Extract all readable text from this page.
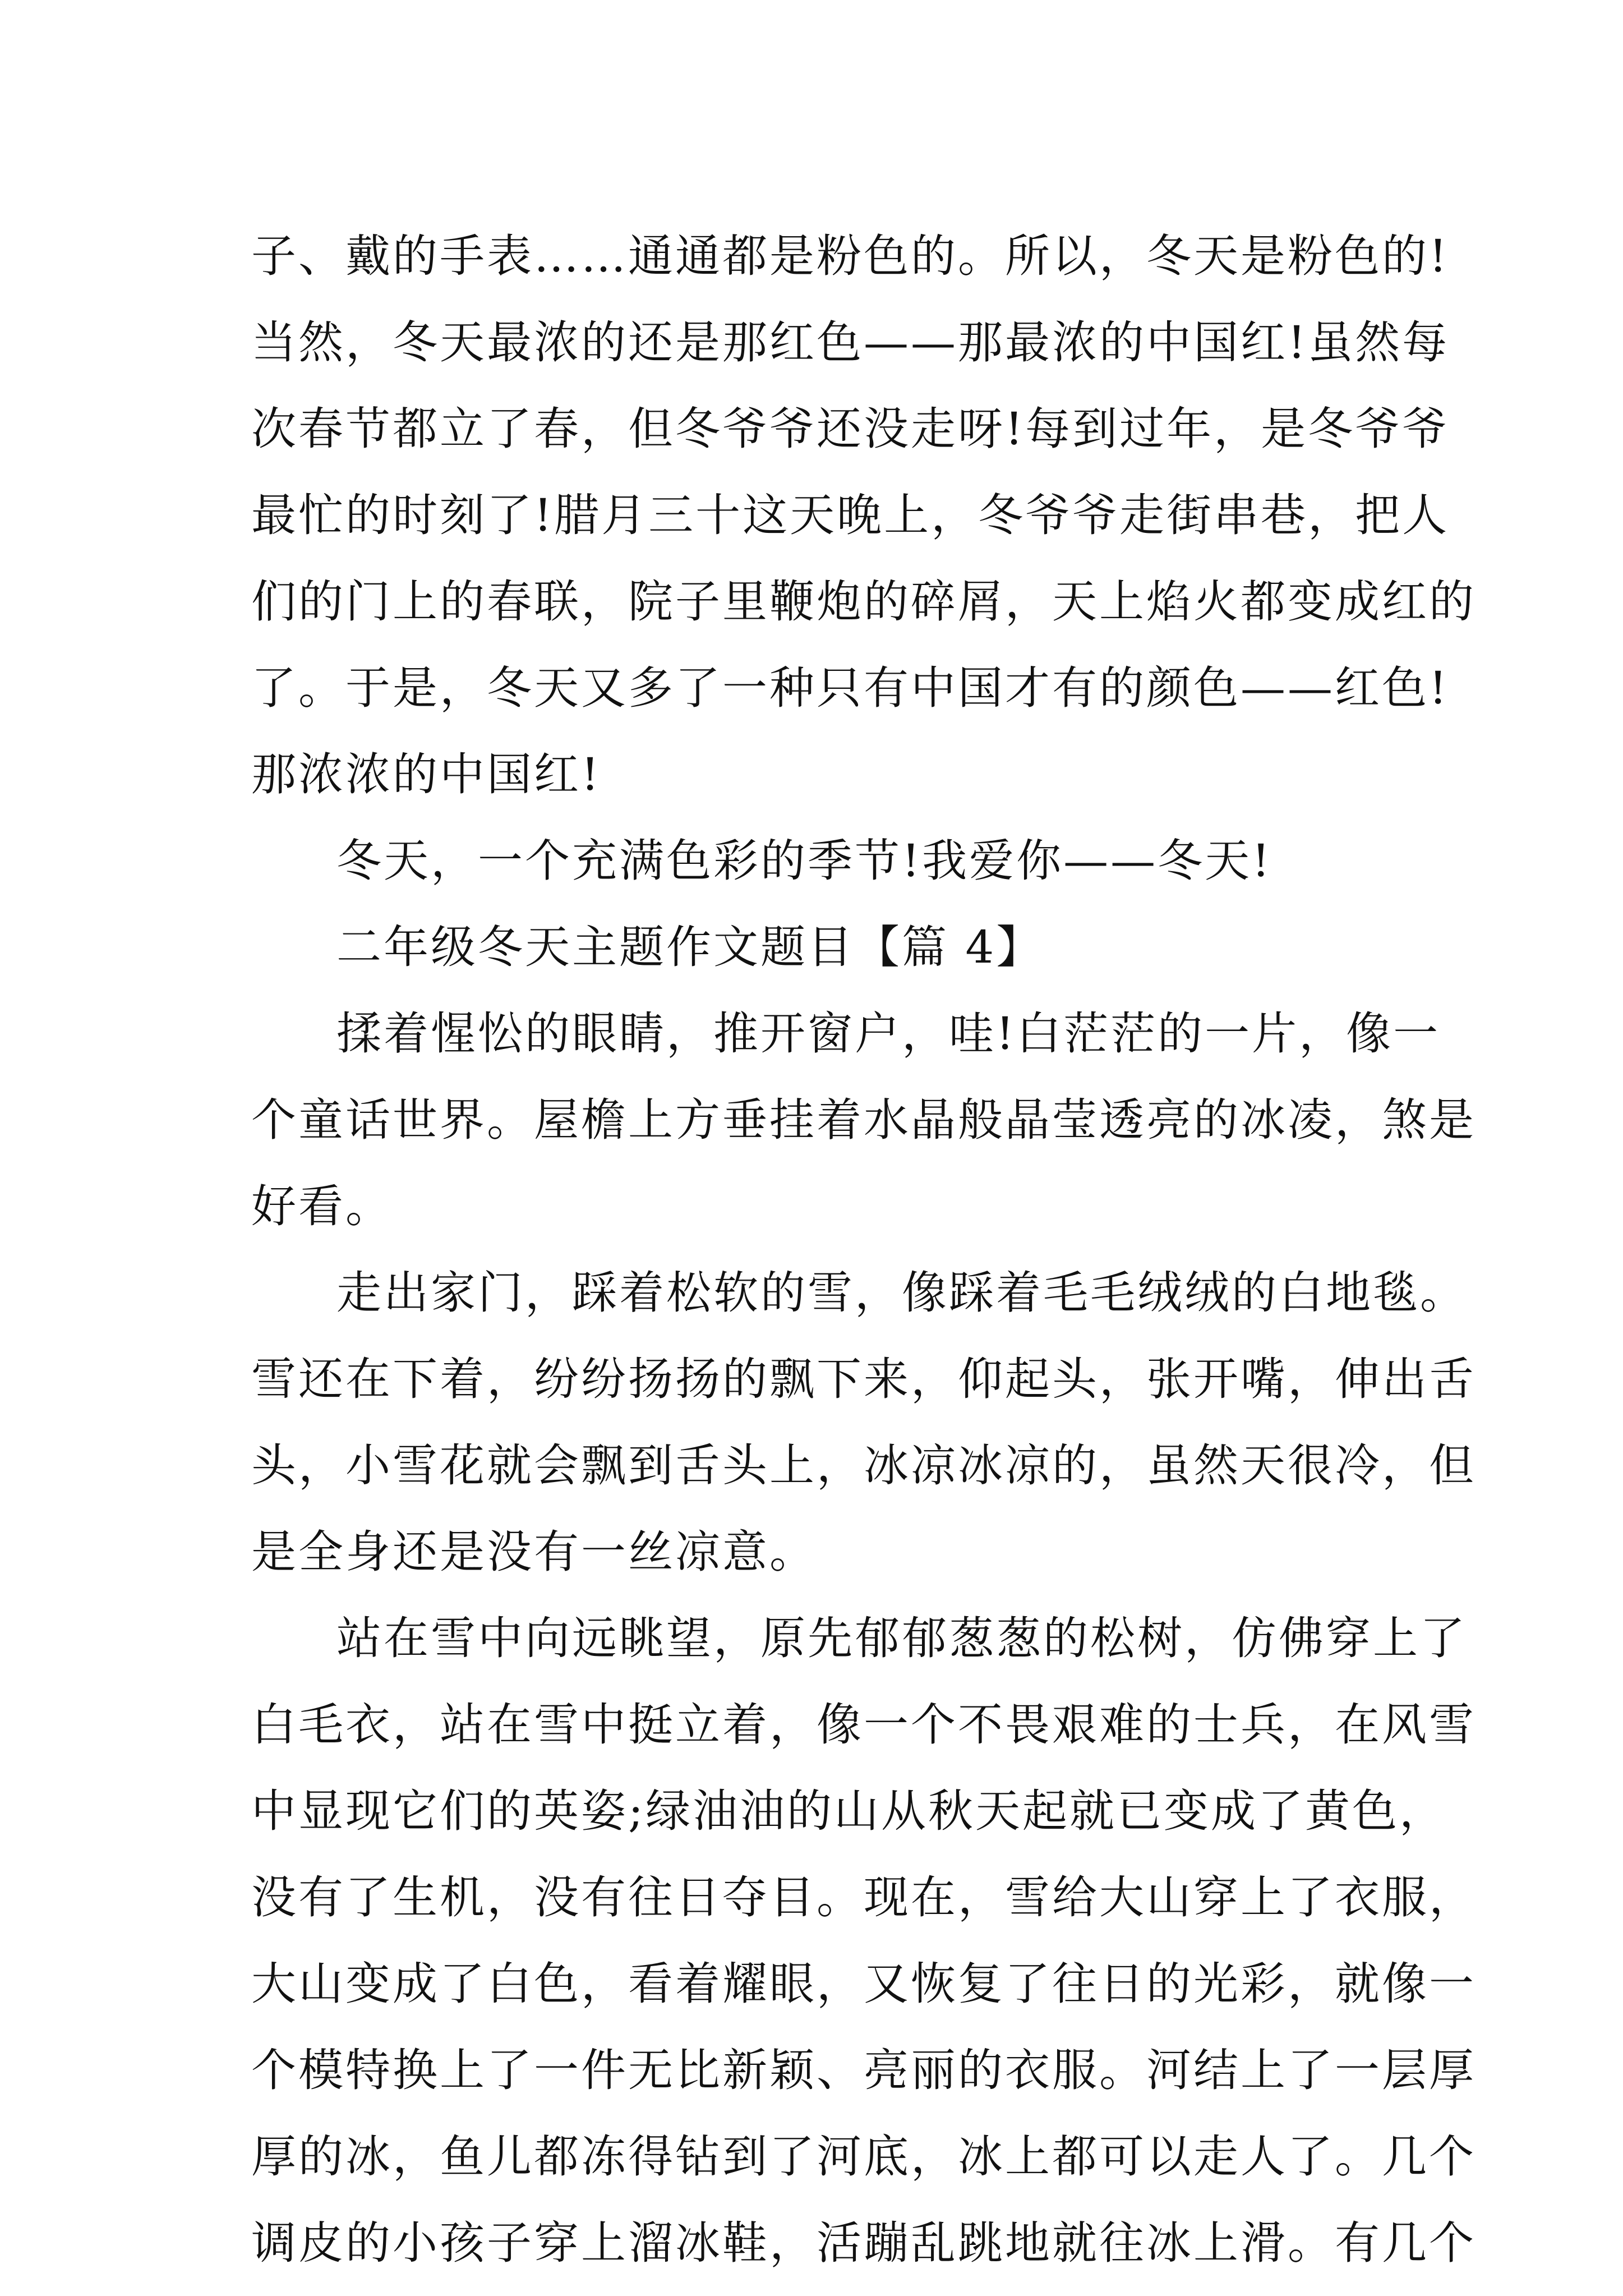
子、戴的手表……通通都是粉色的。所以，冬天是粉色的!
当然，冬天最浓的还是那红色——那最浓的中国红!虽然每
次春节都立了春，但冬爷爷还没走呀!每到过年，是冬爷爷
最忙的时刻了!腊月三十这天晚上，冬爷爷走街串巷，把人
们的门上的春联，院子里鞭炮的碎屑，天上焰火都变成红的
了。于是，冬天又多了一种只有中国才有的颜色——红色!
那浓浓的中国红!
冬天，一个充满色彩的季节!我爱你——冬天!
二年级冬天主题作文题目【篇 4】
揉着惺忪的眼睛，推开窗户，哇!白茫茫的一片，像一
个童话世界。屋檐上方垂挂着水晶般晶莹透亮的冰凌，煞是
好看。
走出家门，踩着松软的雪，像踩着毛毛绒绒的白地毯。
雪还在下着，纷纷扬扬的飘下来，仰起头，张开嘴，伸出舌
头，小雪花就会飘到舌头上，冰凉冰凉的，虽然天很冷，但
是全身还是没有一丝凉意。
站在雪中向远眺望，原先郁郁葱葱的松树，仿佛穿上了
白毛衣，站在雪中挺立着，像一个不畏艰难的士兵，在风雪
中显现它们的英姿;绿油油的山从秋天起就已变成了黄色，
没有了生机，没有往日夺目。现在，雪给大山穿上了衣服，
大山变成了白色，看着耀眼，又恢复了往日的光彩，就像一
个模特换上了一件无比新颖、亮丽的衣服。河结上了一层厚
厚的冰，鱼儿都冻得钻到了河底，冰上都可以走人了。几个
调皮的小孩子穿上溜冰鞋，活蹦乱跳地就往冰上滑。有几个
